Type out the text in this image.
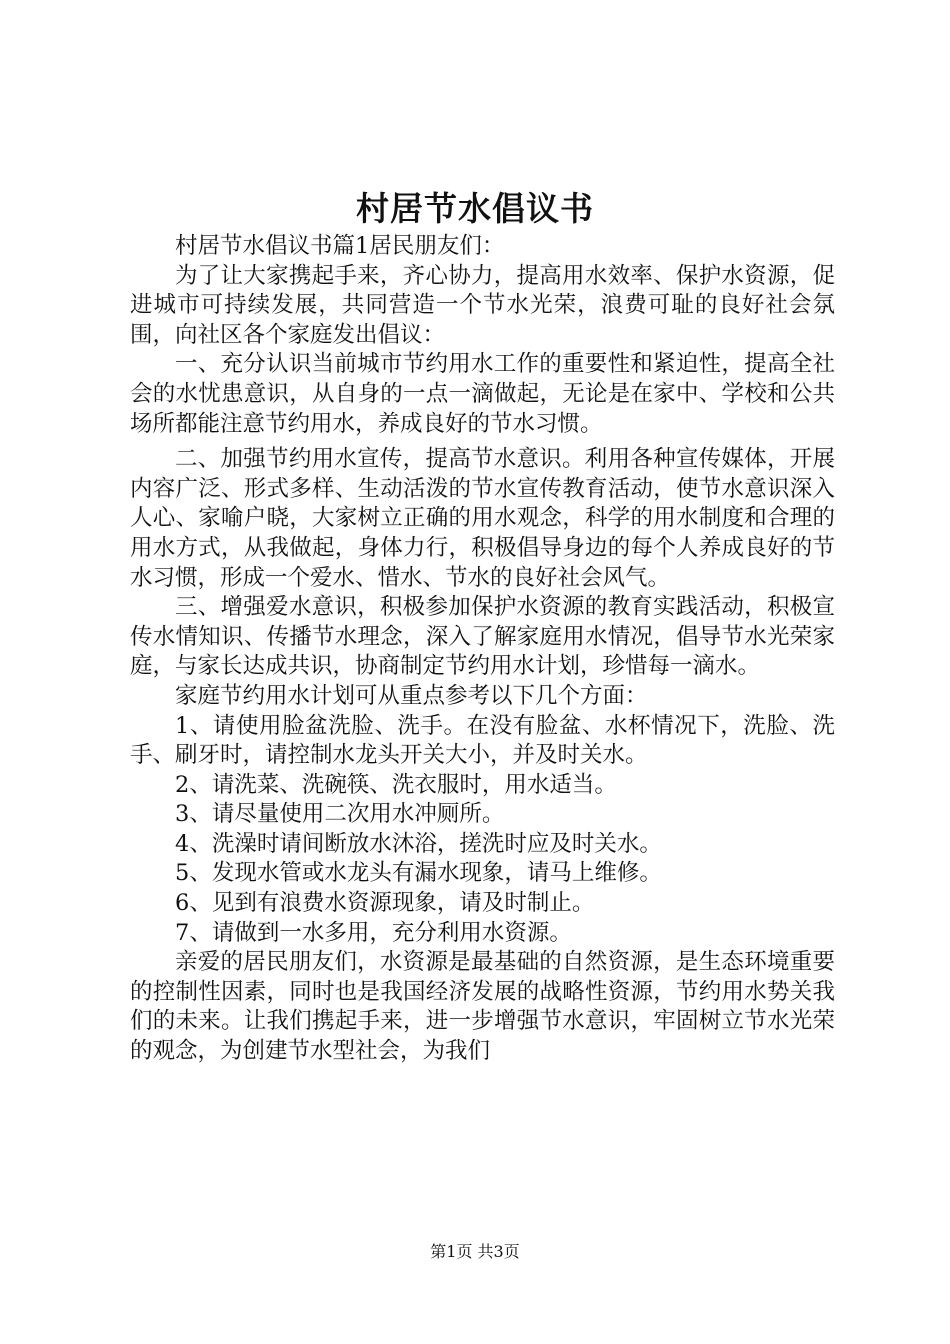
村居节水倡议书

村居节水倡议书篇1居民朋友们：

为了让大家携起手来，齐心协力，提高用水效率、保护水资源，促进城市可持续发展，共同营造一个节水光荣，浪费可耻的良好社会氛围，向社区各个家庭发出倡议：

一、充分认识当前城市节约用水工作的重要性和紧迫性，提高全社会的水忧患意识，从自身的一点一滴做起，无论是在家中、学校和公共场所都能注意节约用水，养成良好的节水习惯。

二、加强节约用水宣传，提高节水意识。利用各种宣传媒体，开展内容广泛、形式多样、生动活泼的节水宣传教育活动，使节水意识深入人心、家喻户晓，大家树立正确的用水观念，科学的用水制度和合理的用水方式，从我做起，身体力行，积极倡导身边的每个人养成良好的节水习惯，形成一个爱水、惜水、节水的良好社会风气。

三、增强爱水意识，积极参加保护水资源的教育实践活动，积极宣传水情知识、传播节水理念，深入了解家庭用水情况，倡导节水光荣家庭，与家长达成共识，协商制定节约用水计划，珍惜每一滴水。

家庭节约用水计划可从重点参考以下几个方面：

1、请使用脸盆洗脸、洗手。在没有脸盆、水杯情况下，洗脸、洗手、刷牙时，请控制水龙头开关大小，并及时关水。

2、请洗菜、洗碗筷、洗衣服时，用水适当。

3、请尽量使用二次用水冲厕所。

4、洗澡时请间断放水沐浴，搓洗时应及时关水。

5、发现水管或水龙头有漏水现象，请马上维修。

6、见到有浪费水资源现象，请及时制止。

7、请做到一水多用，充分利用水资源。

亲爱的居民朋友们，水资源是最基础的自然资源，是生态环境重要的控制性因素，同时也是我国经济发展的战略性资源，节约用水势关我们的未来。让我们携起手来，进一步增强节水意识，牢固树立节水光荣的观念，为创建节水型社会，为我们

第1页 共3页
